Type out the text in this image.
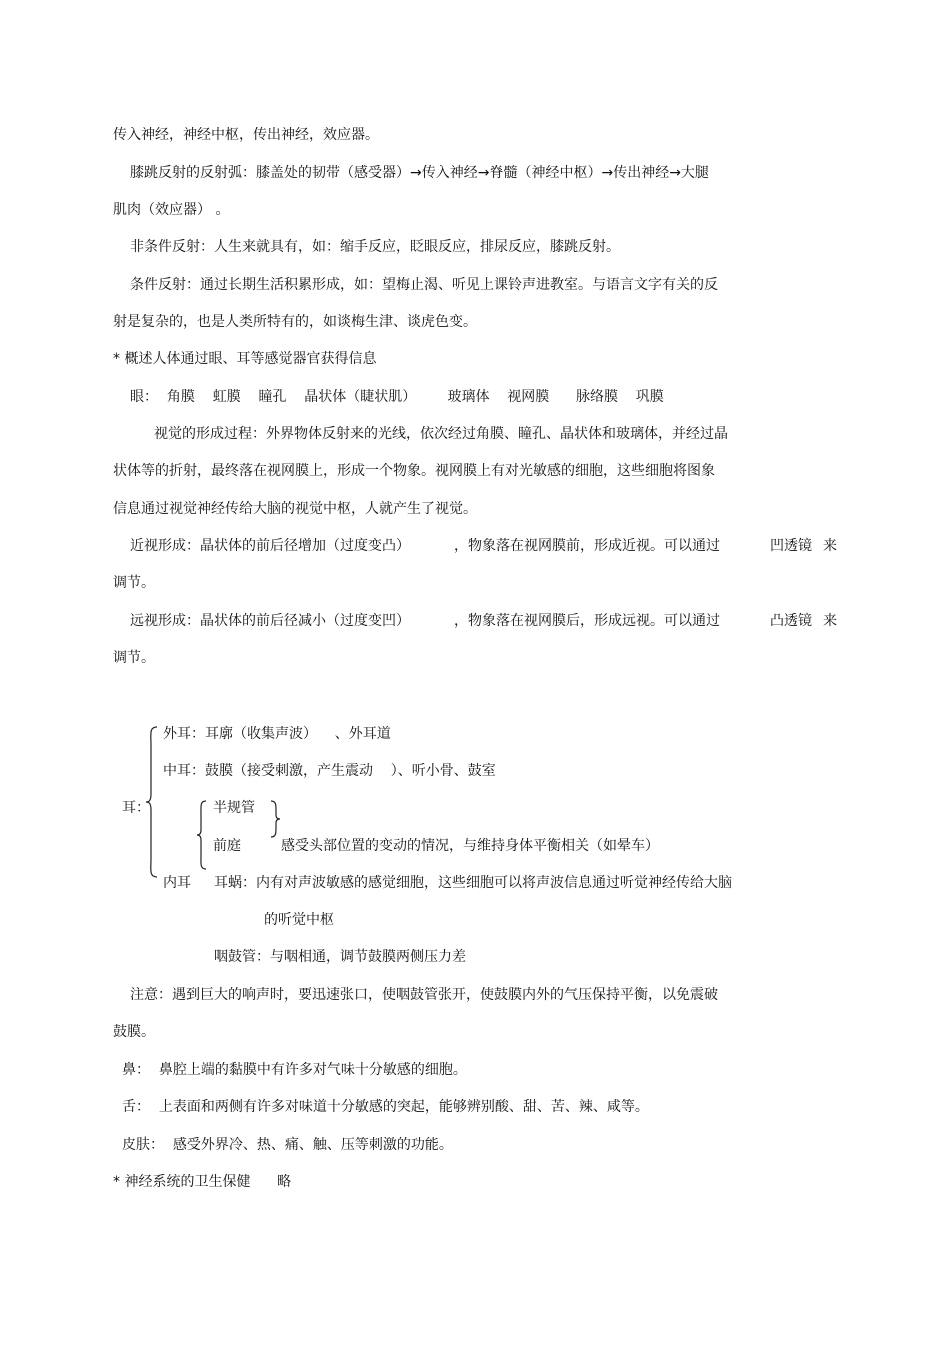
传入神经，神经中枢，传出神经，效应器。
膝跳反射的反射弧：膝盖处的韧带（感受器）→传入神经→脊髓（神经中枢）→传出神经→大腿
肌肉（效应器） 。
非条件反射：人生来就具有，如：缩手反应，眨眼反应，排尿反应，膝跳反射。
条件反射：通过长期生活积累形成，如：望梅止渴、听见上课铃声进教室。与语言文字有关的反
射是复杂的，也是人类所特有的，如谈梅生津、谈虎色变。
* 概述人体通过眼、耳等感觉器官获得信息
眼：  角膜    虹膜    瞳孔    晶状体（睫状肌）       玻璃体    视网膜      脉络膜    巩膜
视觉的形成过程：外界物体反射来的光线，依次经过角膜、瞳孔、晶状体和玻璃体，并经过晶
状体等的折射，最终落在视网膜上，形成一个物象。视网膜上有对光敏感的细胞，这些细胞将图象
信息通过视觉神经传给大脑的视觉中枢，人就产生了视觉。
近视形成：晶状体的前后径增加（过度变凸）	，物象落在视网膜前，形成近视。可以通过	凹透镜 来
调节。
远视形成：晶状体的前后径减小（过度变凹）	，物象落在视网膜后，形成远视。可以通过	凸透镜 来
调节。
耳：
外耳：耳廓（收集声波）    、外耳道
中耳：鼓膜（接受刺激，产生震动    ）、听小骨、鼓室
半规管
前庭	感受头部位置的变动的情况，与维持身体平衡相关（如晕车）
内耳 耳蜗：内有对声波敏感的感觉细胞，这些细胞可以将声波信息通过听觉神经传给大脑
的听觉中枢
咽鼓管：与咽相通，调节鼓膜两侧压力差
注意：遇到巨大的响声时，要迅速张口，使咽鼓管张开，使鼓膜内外的气压保持平衡，以免震破
鼓膜。
鼻：  鼻腔上端的黏膜中有许多对气味十分敏感的细胞。
舌：  上表面和两侧有许多对味道十分敏感的突起，能够辨别酸、甜、苦、辣、咸等。
皮肤：  感受外界冷、热、痛、触、压等刺激的功能。
* 神经系统的卫生保健      略
